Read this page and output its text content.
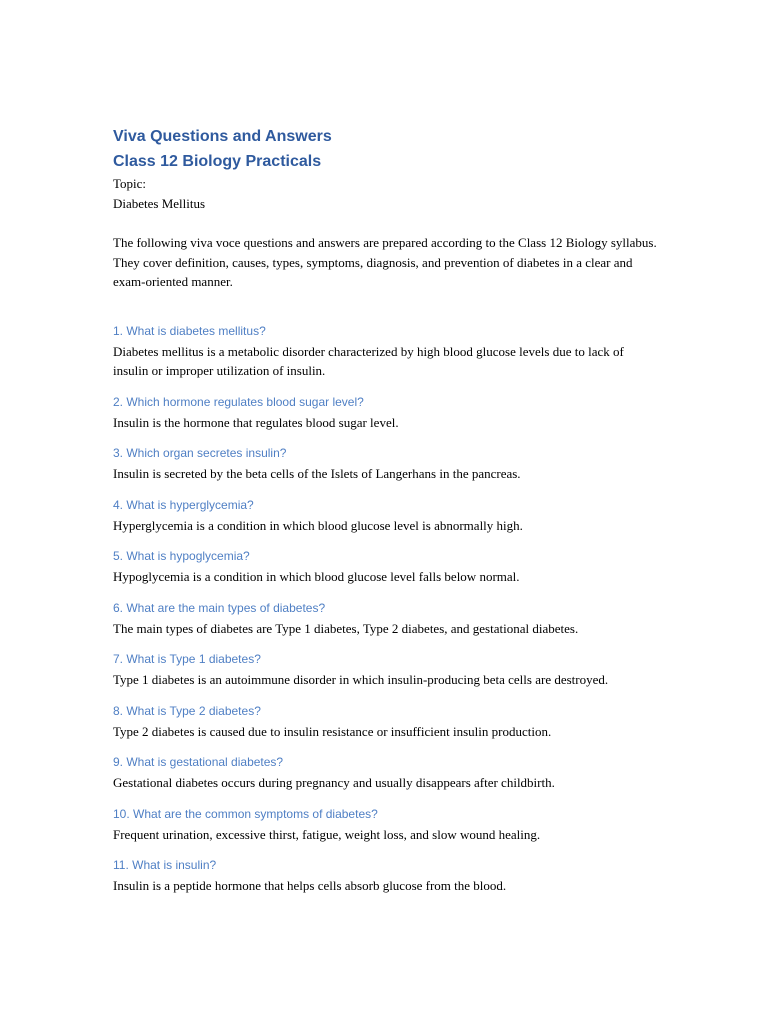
Viva Questions and Answers
Class 12 Biology Practicals

Topic:

Diabetes Mellitus

The following viva voce questions and answers are prepared according to the Class 12 Biology syllabus. They cover definition, causes, types, symptoms, diagnosis, and prevention of diabetes in a clear and exam-oriented manner.

1. What is diabetes mellitus?

Diabetes mellitus is a metabolic disorder characterized by high blood glucose levels due to lack of insulin or improper utilization of insulin.

2. Which hormone regulates blood sugar level?

Insulin is the hormone that regulates blood sugar level.

3. Which organ secretes insulin?

Insulin is secreted by the beta cells of the Islets of Langerhans in the pancreas.

4. What is hyperglycemia?

Hyperglycemia is a condition in which blood glucose level is abnormally high.

5. What is hypoglycemia?

Hypoglycemia is a condition in which blood glucose level falls below normal.

6. What are the main types of diabetes?

The main types of diabetes are Type 1 diabetes, Type 2 diabetes, and gestational diabetes.

7. What is Type 1 diabetes?

Type 1 diabetes is an autoimmune disorder in which insulin-producing beta cells are destroyed.

8. What is Type 2 diabetes?

Type 2 diabetes is caused due to insulin resistance or insufficient insulin production.

9. What is gestational diabetes?

Gestational diabetes occurs during pregnancy and usually disappears after childbirth.

10. What are the common symptoms of diabetes?

Frequent urination, excessive thirst, fatigue, weight loss, and slow wound healing.

11. What is insulin?

Insulin is a peptide hormone that helps cells absorb glucose from the blood.
